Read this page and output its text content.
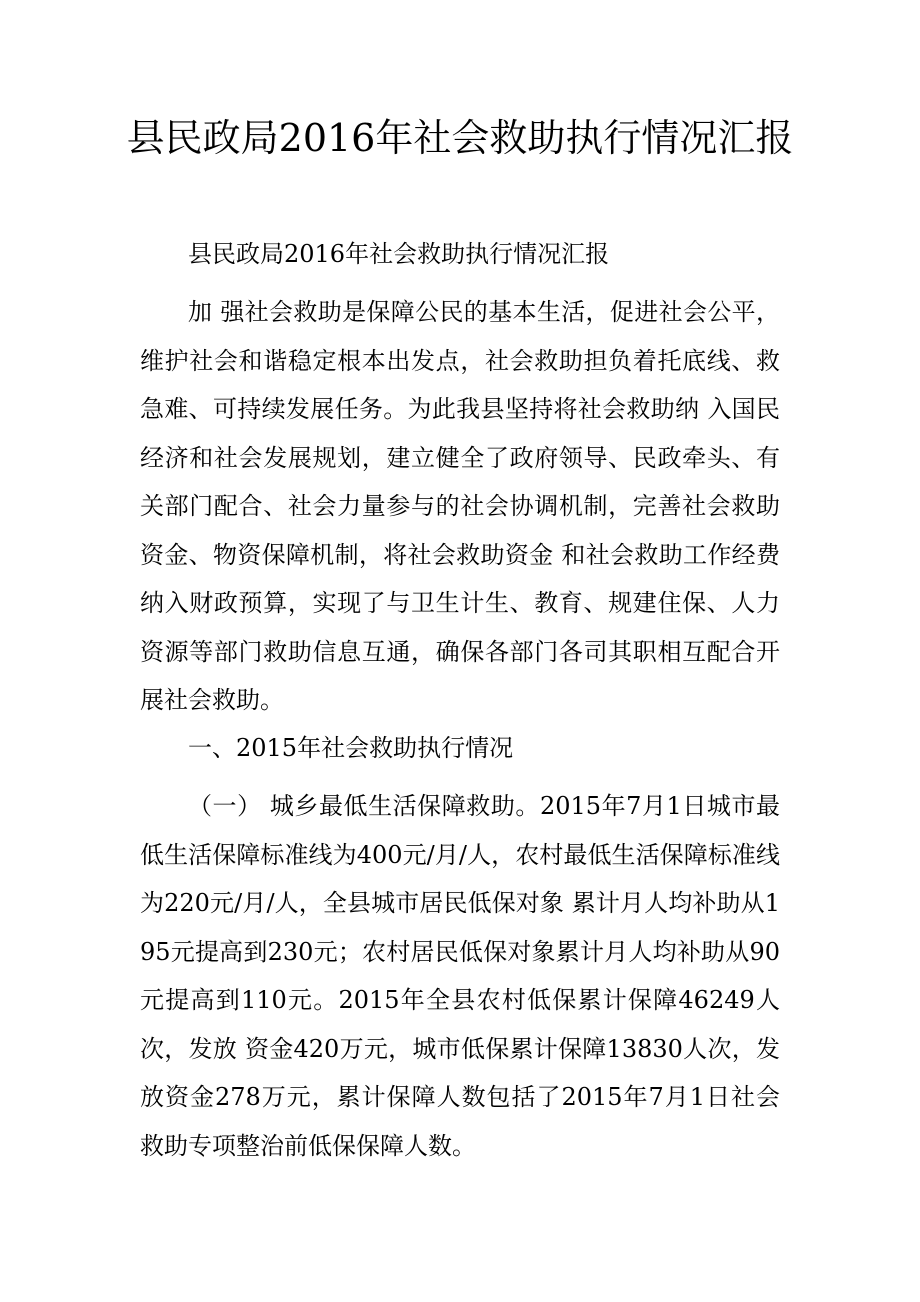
县民政局2016年社会救助执行情况汇报

县民政局2016年社会救助执行情况汇报

加 强社会救助是保障公民的基本生活，促进社会公平，维护社会和谐稳定根本出发点，社会救助担负着托底线、救急难、可持续发展任务。为此我县坚持将社会救助纳 入国民经济和社会发展规划，建立健全了政府领导、民政牵头、有关部门配合、社会力量参与的社会协调机制，完善社会救助资金、物资保障机制，将社会救助资金 和社会救助工作经费纳入财政预算，实现了与卫生计生、教育、规建住保、人力资源等部门救助信息互通，确保各部门各司其职相互配合开展社会救助。

一、2015年社会救助执行情况

（一） 城乡最低生活保障救助。2015年7月1日城市最低生活保障标准线为400元/月/人，农村最低生活保障标准线为220元/月/人，全县城市居民低保对象 累计月人均补助从195元提高到230元；农村居民低保对象累计月人均补助从90元提高到110元。2015年全县农村低保累计保障46249人次，发放 资金420万元，城市低保累计保障13830人次，发放资金278万元，累计保障人数包括了2015年7月1日社会救助专项整治前低保保障人数。
